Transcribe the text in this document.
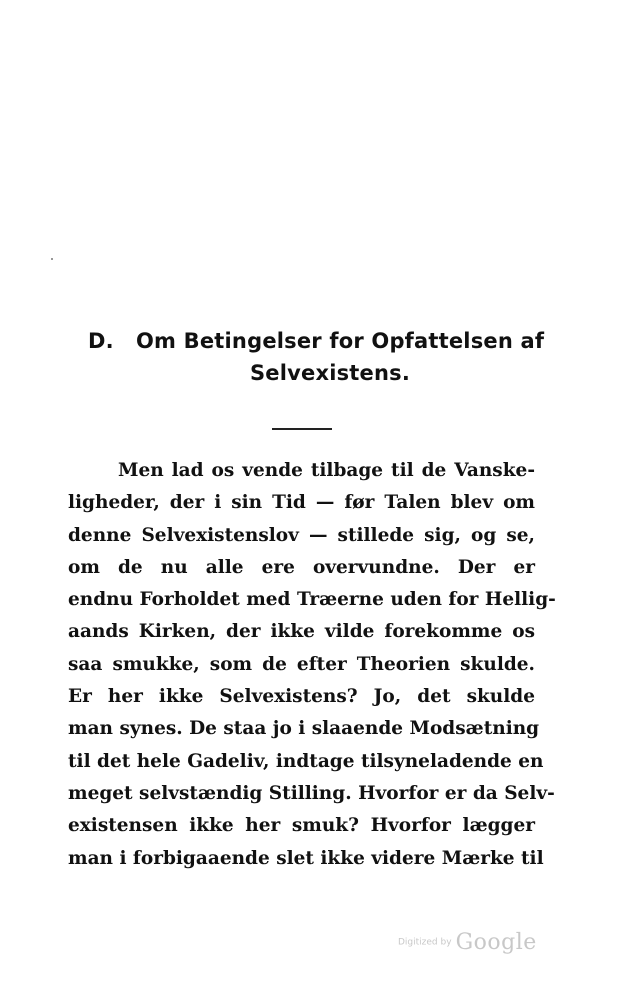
D. Om Betingelser for Opfattelsen af
Selvexistens.
Men lad os vende tilbage til de Vanske-
ligheder, der i sin Tid — før Talen blev om
denne Selvexistenslov — stillede sig, og se,
om de nu alle ere overvundne. Der er
endnu Forholdet med Træerne uden for Hellig-
aands Kirken, der ikke vilde forekomme os
saa smukke, som de efter Theorien skulde.
Er her ikke Selvexistens? Jo, det skulde
man synes. De staa jo i slaaende Modsætning
til det hele Gadeliv, indtage tilsyneladende en
meget selvstændig Stilling. Hvorfor er da Selv-
existensen ikke her smuk? Hvorfor lægger
man i forbigaaende slet ikke videre Mærke til
Digitized by Google
